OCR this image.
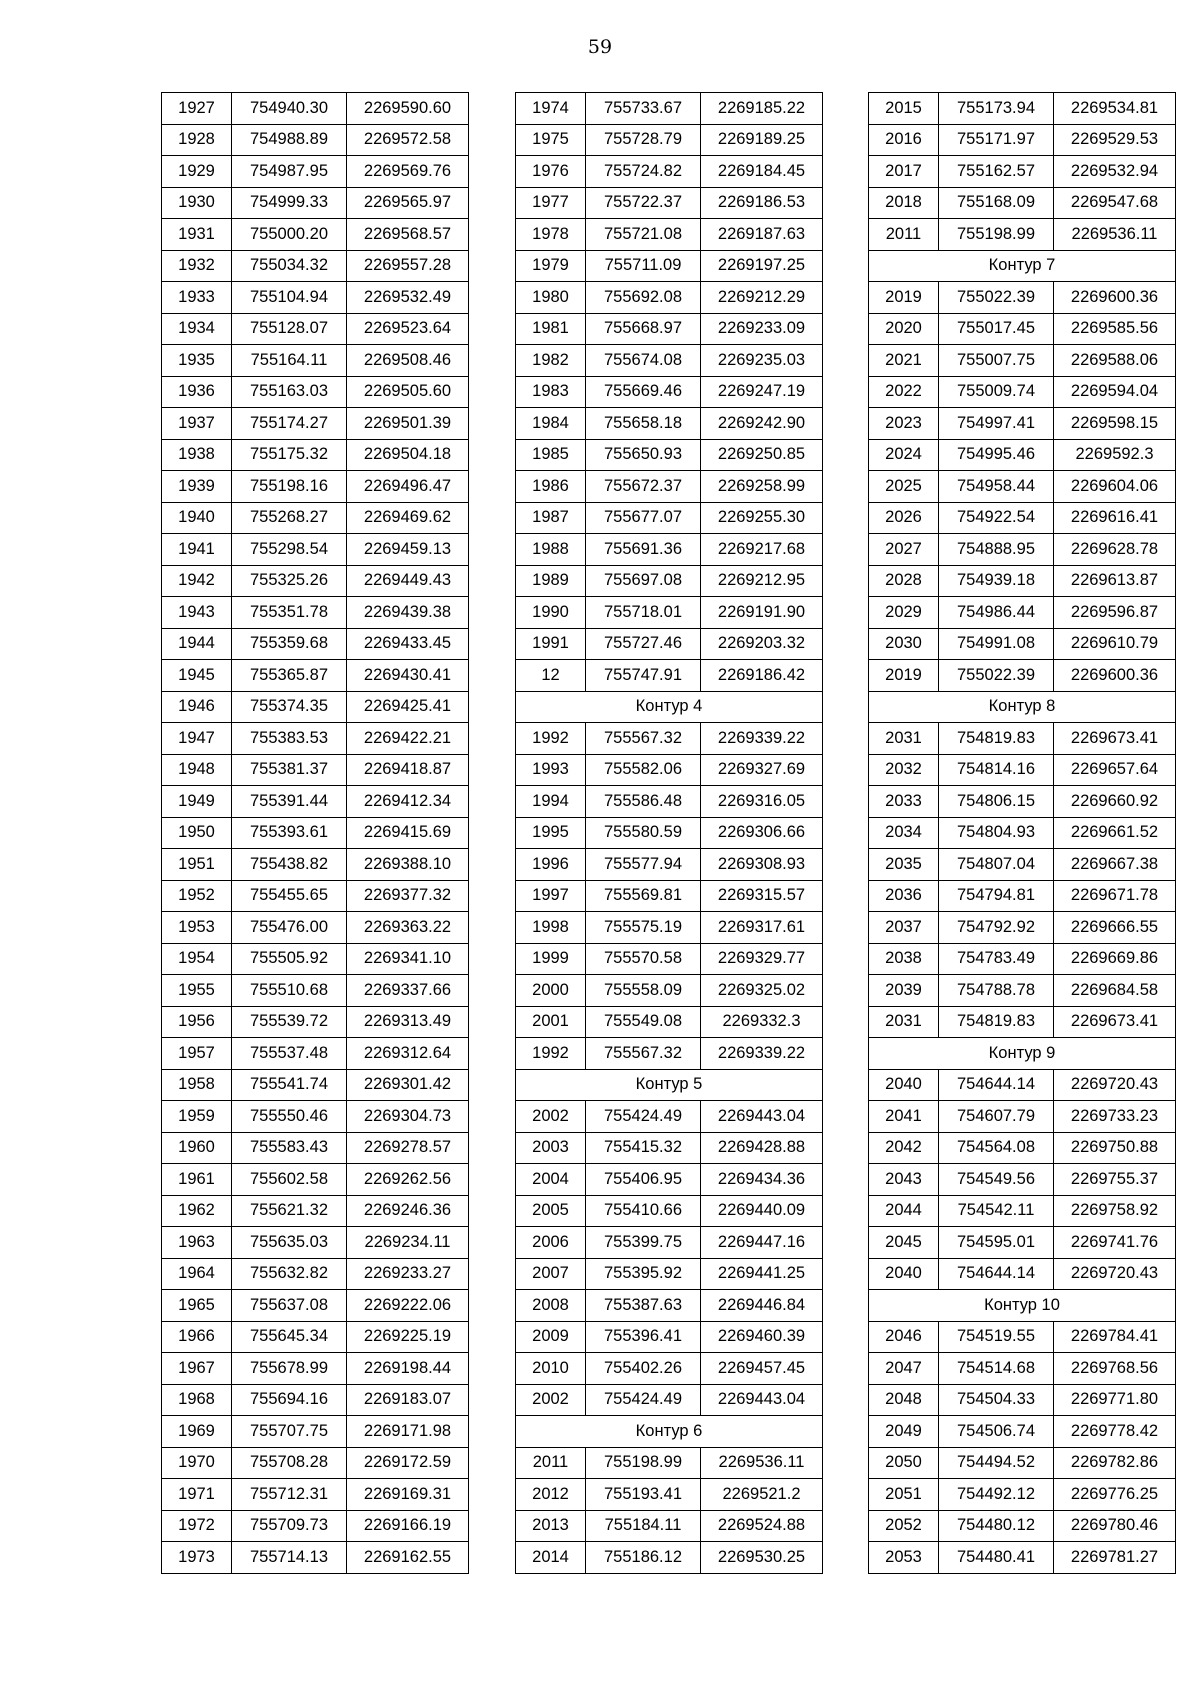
59
1927	754940.30	2269590.60
1928	754988.89	2269572.58
1929	754987.95	2269569.76
1930	754999.33	2269565.97
1931	755000.20	2269568.57
1932	755034.32	2269557.28
1933	755104.94	2269532.49
1934	755128.07	2269523.64
1935	755164.11	2269508.46
1936	755163.03	2269505.60
1937	755174.27	2269501.39
1938	755175.32	2269504.18
1939	755198.16	2269496.47
1940	755268.27	2269469.62
1941	755298.54	2269459.13
1942	755325.26	2269449.43
1943	755351.78	2269439.38
1944	755359.68	2269433.45
1945	755365.87	2269430.41
1946	755374.35	2269425.41
1947	755383.53	2269422.21
1948	755381.37	2269418.87
1949	755391.44	2269412.34
1950	755393.61	2269415.69
1951	755438.82	2269388.10
1952	755455.65	2269377.32
1953	755476.00	2269363.22
1954	755505.92	2269341.10
1955	755510.68	2269337.66
1956	755539.72	2269313.49
1957	755537.48	2269312.64
1958	755541.74	2269301.42
1959	755550.46	2269304.73
1960	755583.43	2269278.57
1961	755602.58	2269262.56
1962	755621.32	2269246.36
1963	755635.03	2269234.11
1964	755632.82	2269233.27
1965	755637.08	2269222.06
1966	755645.34	2269225.19
1967	755678.99	2269198.44
1968	755694.16	2269183.07
1969	755707.75	2269171.98
1970	755708.28	2269172.59
1971	755712.31	2269169.31
1972	755709.73	2269166.19
1973	755714.13	2269162.55
1974	755733.67	2269185.22
1975	755728.79	2269189.25
1976	755724.82	2269184.45
1977	755722.37	2269186.53
1978	755721.08	2269187.63
1979	755711.09	2269197.25
1980	755692.08	2269212.29
1981	755668.97	2269233.09
1982	755674.08	2269235.03
1983	755669.46	2269247.19
1984	755658.18	2269242.90
1985	755650.93	2269250.85
1986	755672.37	2269258.99
1987	755677.07	2269255.30
1988	755691.36	2269217.68
1989	755697.08	2269212.95
1990	755718.01	2269191.90
1991	755727.46	2269203.32
12	755747.91	2269186.42
Контур 4		
1992	755567.32	2269339.22
1993	755582.06	2269327.69
1994	755586.48	2269316.05
1995	755580.59	2269306.66
1996	755577.94	2269308.93
1997	755569.81	2269315.57
1998	755575.19	2269317.61
1999	755570.58	2269329.77
2000	755558.09	2269325.02
2001	755549.08	2269332.3
1992	755567.32	2269339.22
Контур 5		
2002	755424.49	2269443.04
2003	755415.32	2269428.88
2004	755406.95	2269434.36
2005	755410.66	2269440.09
2006	755399.75	2269447.16
2007	755395.92	2269441.25
2008	755387.63	2269446.84
2009	755396.41	2269460.39
2010	755402.26	2269457.45
2002	755424.49	2269443.04
Контур 6		
2011	755198.99	2269536.11
2012	755193.41	2269521.2
2013	755184.11	2269524.88
2014	755186.12	2269530.25
2015	755173.94	2269534.81
2016	755171.97	2269529.53
2017	755162.57	2269532.94
2018	755168.09	2269547.68
2011	755198.99	2269536.11
Контур 7		
2019	755022.39	2269600.36
2020	755017.45	2269585.56
2021	755007.75	2269588.06
2022	755009.74	2269594.04
2023	754997.41	2269598.15
2024	754995.46	2269592.3
2025	754958.44	2269604.06
2026	754922.54	2269616.41
2027	754888.95	2269628.78
2028	754939.18	2269613.87
2029	754986.44	2269596.87
2030	754991.08	2269610.79
2019	755022.39	2269600.36
Контур 8		
2031	754819.83	2269673.41
2032	754814.16	2269657.64
2033	754806.15	2269660.92
2034	754804.93	2269661.52
2035	754807.04	2269667.38
2036	754794.81	2269671.78
2037	754792.92	2269666.55
2038	754783.49	2269669.86
2039	754788.78	2269684.58
2031	754819.83	2269673.41
Контур 9		
2040	754644.14	2269720.43
2041	754607.79	2269733.23
2042	754564.08	2269750.88
2043	754549.56	2269755.37
2044	754542.11	2269758.92
2045	754595.01	2269741.76
2040	754644.14	2269720.43
Контур 10		
2046	754519.55	2269784.41
2047	754514.68	2269768.56
2048	754504.33	2269771.80
2049	754506.74	2269778.42
2050	754494.52	2269782.86
2051	754492.12	2269776.25
2052	754480.12	2269780.46
2053	754480.41	2269781.27
